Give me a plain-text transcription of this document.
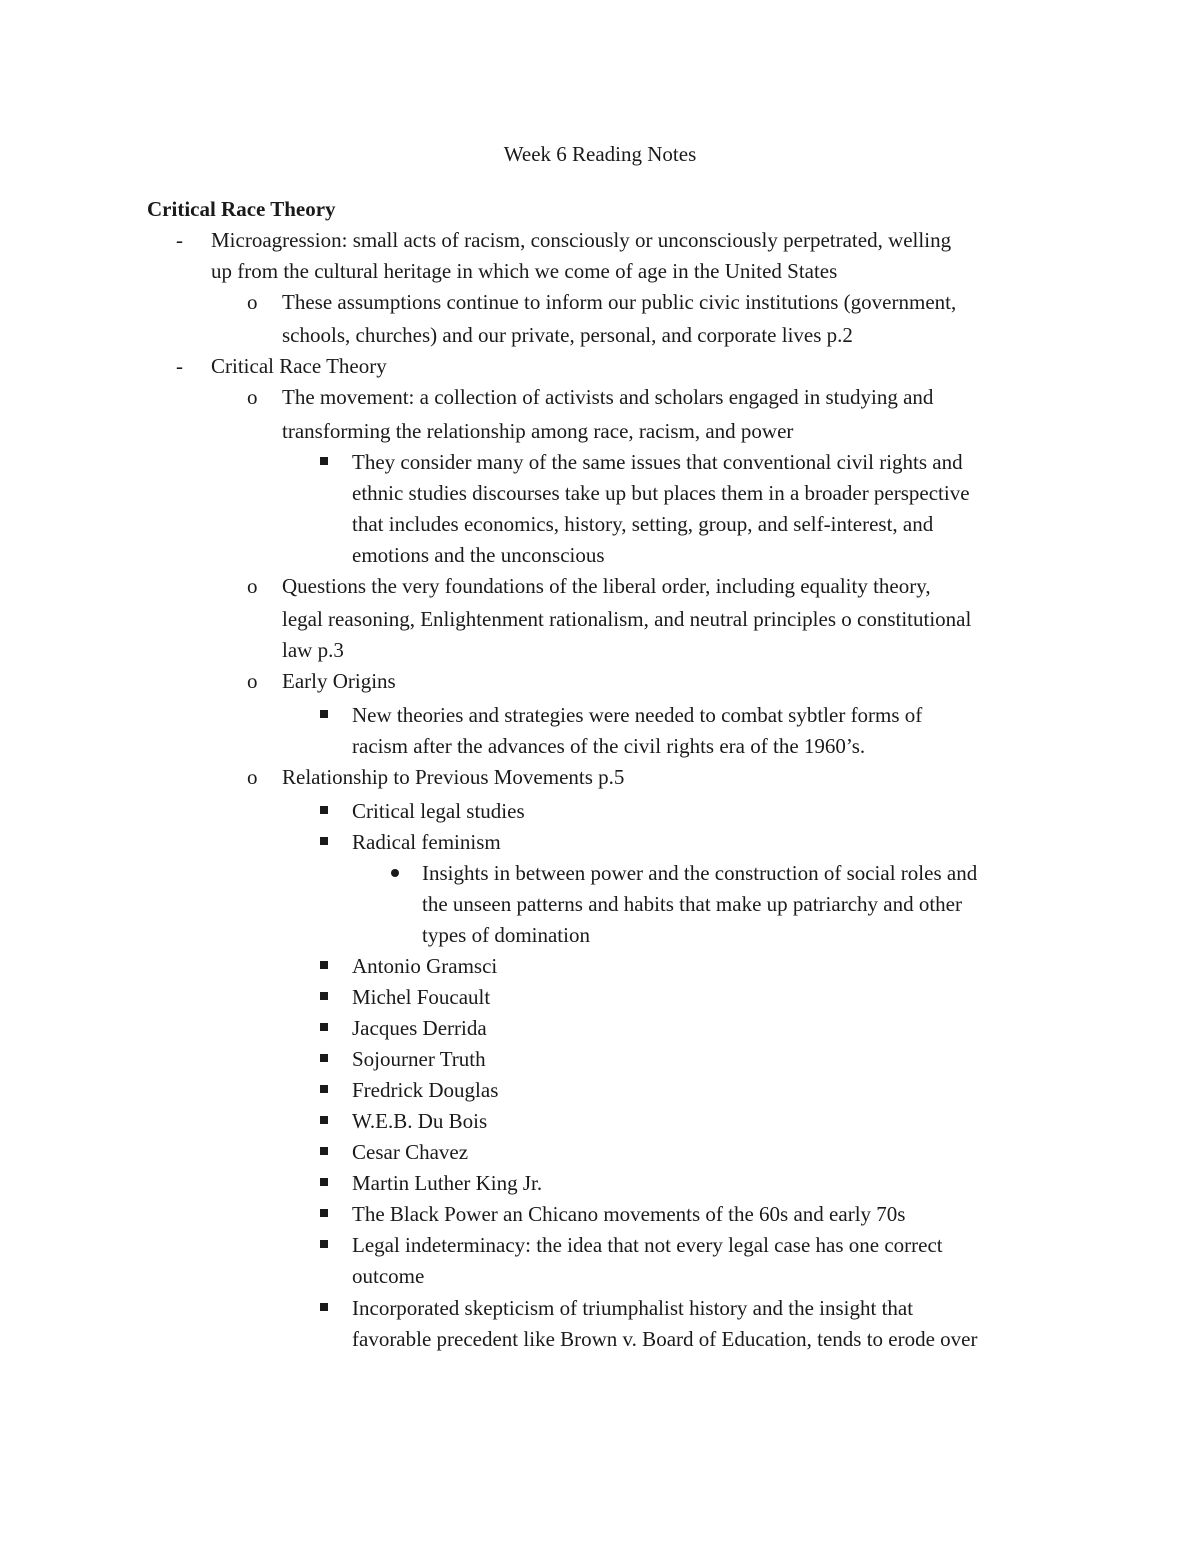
Week 6 Reading Notes
Critical Race Theory
- Microagression: small acts of racism, consciously or unconsciously perpetrated, welling
up from the cultural heritage in which we come of age in the United States
o These assumptions continue to inform our public civic institutions (government,
schools, churches) and our private, personal, and corporate lives p.2
- Critical Race Theory
o The movement: a collection of activists and scholars engaged in studying and
transforming the relationship among race, racism, and power
They consider many of the same issues that conventional civil rights and
ethnic studies discourses take up but places them in a broader perspective
that includes economics, history, setting, group, and self-interest, and
emotions and the unconscious
o Questions the very foundations of the liberal order, including equality theory,
legal reasoning, Enlightenment rationalism, and neutral principles o constitutional
law p.3
o Early Origins
New theories and strategies were needed to combat sybtler forms of
racism after the advances of the civil rights era of the 1960’s.
o Relationship to Previous Movements p.5
Critical legal studies
Radical feminism
Insights in between power and the construction of social roles and
the unseen patterns and habits that make up patriarchy and other
types of domination
Antonio Gramsci
Michel Foucault
Jacques Derrida
Sojourner Truth
Fredrick Douglas
W.E.B. Du Bois
Cesar Chavez
Martin Luther King Jr.
The Black Power an Chicano movements of the 60s and early 70s
Legal indeterminacy: the idea that not every legal case has one correct
outcome
Incorporated skepticism of triumphalist history and the insight that
favorable precedent like Brown v. Board of Education, tends to erode over
